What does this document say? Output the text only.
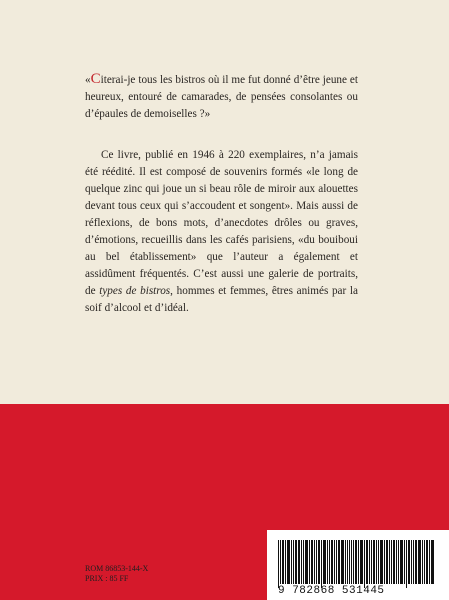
«Citerai-je tous les bistros où il me fut donné d’être jeune et heureux, entouré de camarades, de pensées consolantes ou d’épaules de demoiselles ?»

Ce livre, publié en 1946 à 220 exemplaires, n’a jamais été réédité. Il est composé de souvenirs formés «le long de quelque zinc qui joue un si beau rôle de miroir aux alouettes devant tous ceux qui s’accoudent et songent». Mais aussi de réflexions, de bons mots, d’anecdotes drôles ou graves, d’émotions, recueillis dans les cafés parisiens, «du bouiboui au bel établissement» que l’auteur a également et assidûment fréquentés. C’est aussi une galerie de portraits, de types de bistros, hommes et femmes, êtres animés par la soif d’alcool et d’idéal.

ROM 86853-144-X
PRIX : 85 FF
9 782868 531445
